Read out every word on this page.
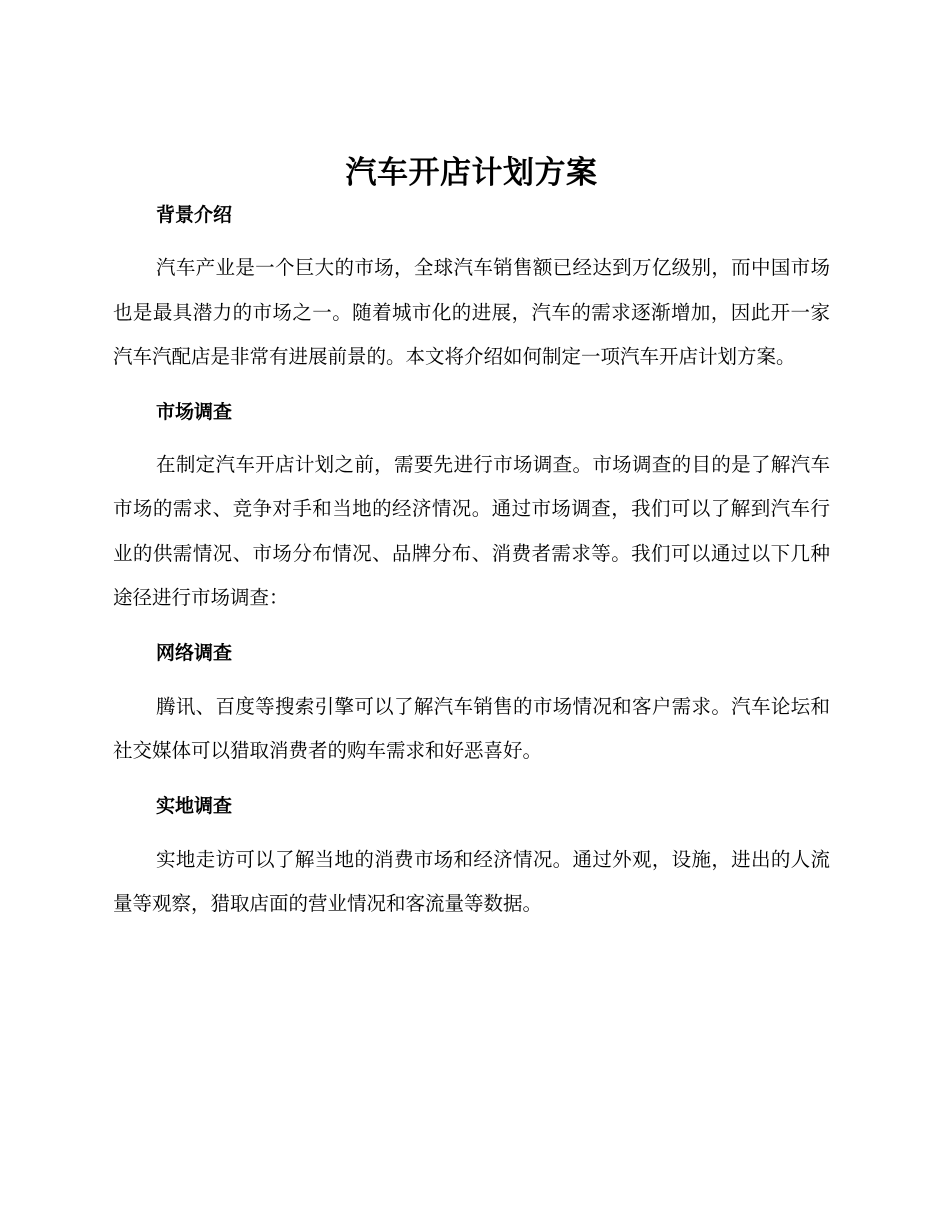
汽车开店计划方案
背景介绍

汽车产业是一个巨大的市场，全球汽车销售额已经达到万亿级别，而中国市场也是最具潜力的市场之一。随着城市化的进展，汽车的需求逐渐增加，因此开一家汽车汽配店是非常有进展前景的。本文将介绍如何制定一项汽车开店计划方案。

市场调查

在制定汽车开店计划之前，需要先进行市场调查。市场调查的目的是了解汽车市场的需求、竞争对手和当地的经济情况。通过市场调查，我们可以了解到汽车行业的供需情况、市场分布情况、品牌分布、消费者需求等。我们可以通过以下几种途径进行市场调查：

网络调查

腾讯、百度等搜索引擎可以了解汽车销售的市场情况和客户需求。汽车论坛和社交媒体可以猎取消费者的购车需求和好恶喜好。

实地调查

实地走访可以了解当地的消费市场和经济情况。通过外观，设施，进出的人流量等观察，猎取店面的营业情况和客流量等数据。
